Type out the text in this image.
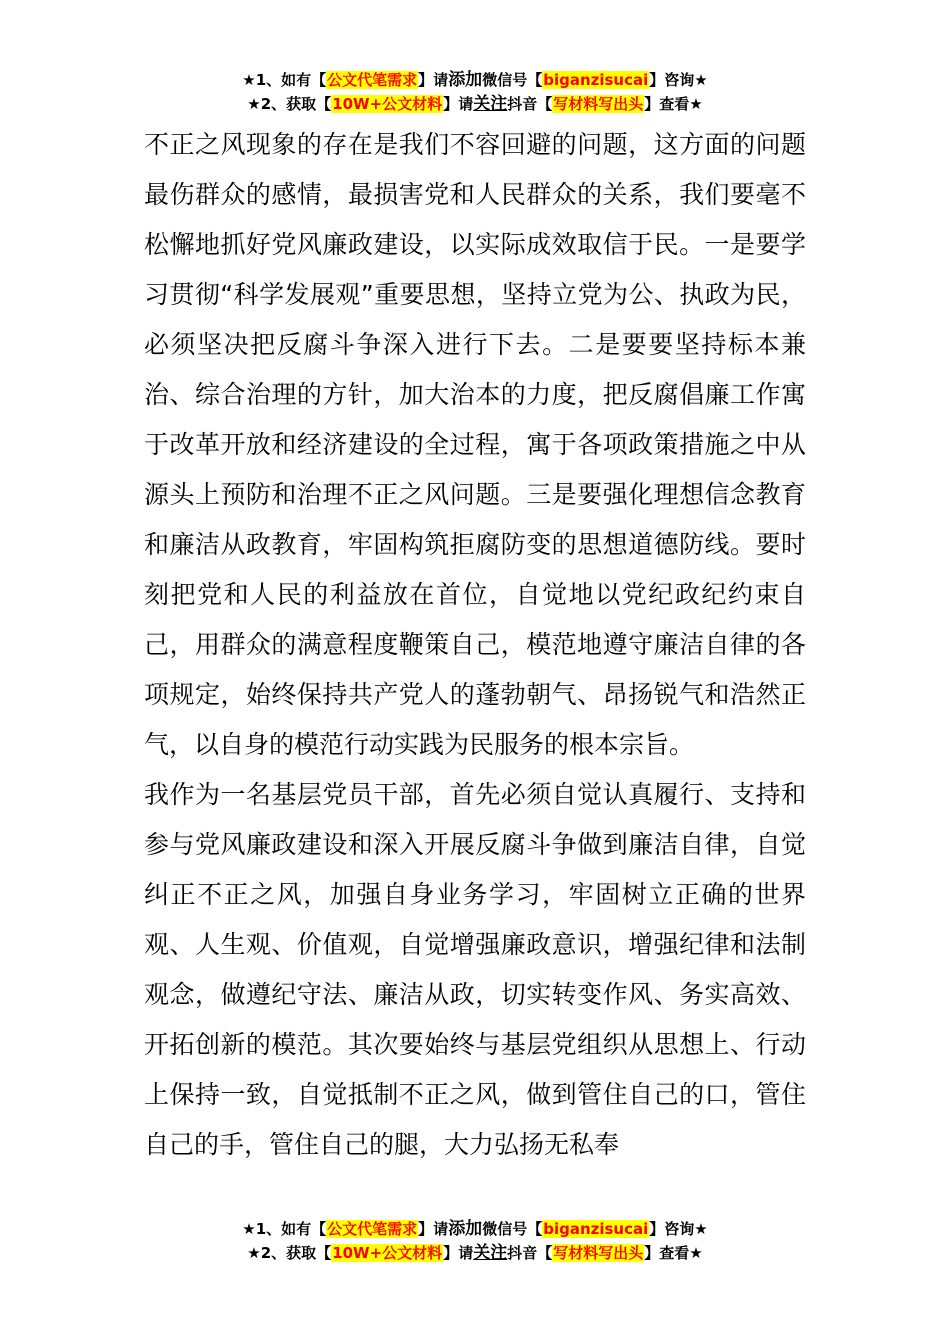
★1、如有【公文代笔需求】请添加微信号【biganzisucai】咨询★
★2、获取【10W+公文材料】请关注抖音【写材料写出头】查看★

不正之风现象的存在是我们不容回避的问题，这方面的问题最伤群众的感情，最损害党和人民群众的关系，我们要毫不松懈地抓好党风廉政建设，以实际成效取信于民。一是要学习贯彻“科学发展观”重要思想，坚持立党为公、执政为民，必须坚决把反腐斗争深入进行下去。二是要要坚持标本兼治、综合治理的方针，加大治本的力度，把反腐倡廉工作寓于改革开放和经济建设的全过程，寓于各项政策措施之中从源头上预防和治理不正之风问题。三是要强化理想信念教育和廉洁从政教育，牢固构筑拒腐防变的思想道德防线。要时刻把党和人民的利益放在首位，自觉地以党纪政纪约束自己，用群众的满意程度鞭策自己，模范地遵守廉洁自律的各项规定，始终保持共产党人的蓬勃朝气、昂扬锐气和浩然正气，以自身的模范行动实践为民服务的根本宗旨。

我作为一名基层党员干部，首先必须自觉认真履行、支持和参与党风廉政建设和深入开展反腐斗争做到廉洁自律，自觉纠正不正之风，加强自身业务学习，牢固树立正确的世界观、人生观、价值观，自觉增强廉政意识，增强纪律和法制观念，做遵纪守法、廉洁从政，切实转变作风、务实高效、开拓创新的模范。其次要始终与基层党组织从思想上、行动上保持一致，自觉抵制不正之风，做到管住自己的口，管住自己的手，管住自己的腿，大力弘扬无私奉

★1、如有【公文代笔需求】请添加微信号【biganzisucai】咨询★
★2、获取【10W+公文材料】请关注抖音【写材料写出头】查看★
